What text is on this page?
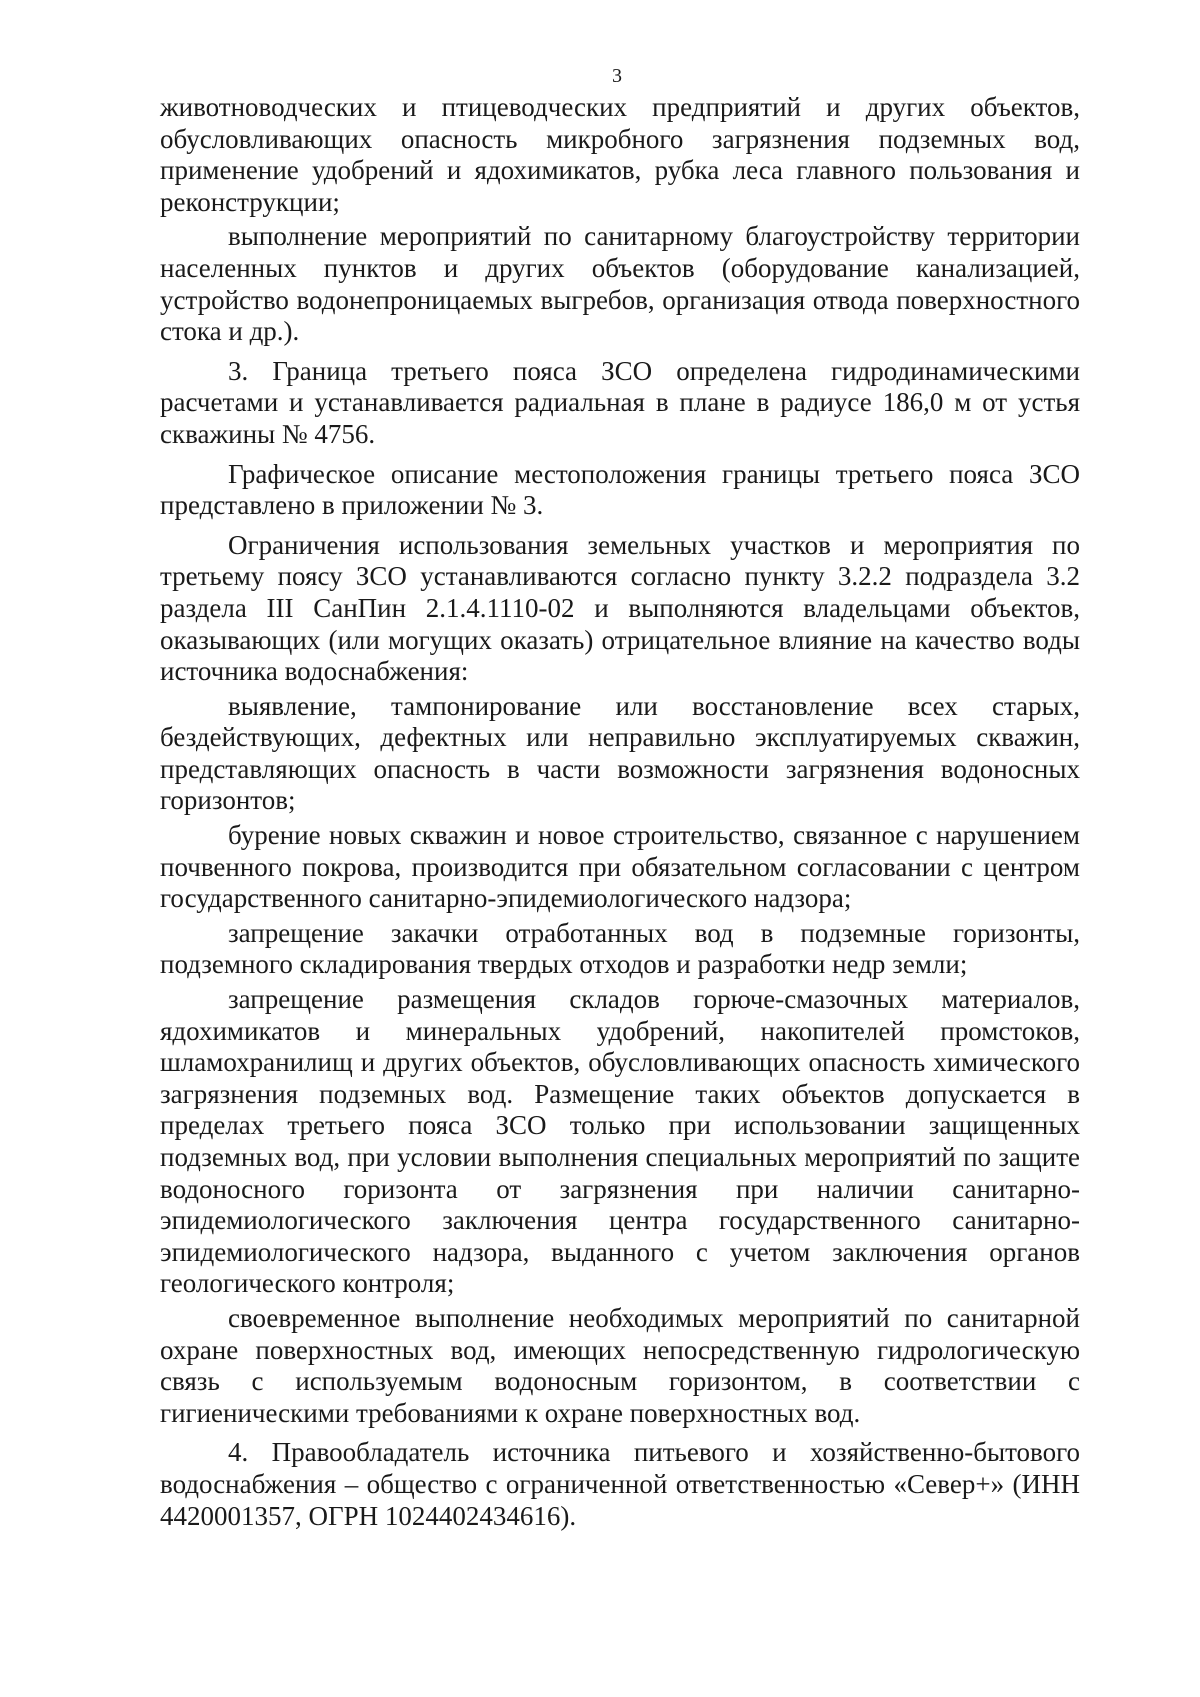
3

животноводческих и птицеводческих предприятий и других объектов, обусловливающих опасность микробного загрязнения подземных вод, применение удобрений и ядохимикатов, рубка леса главного пользования и реконструкции;

выполнение мероприятий по санитарному благоустройству территории населенных пунктов и других объектов (оборудование канализацией, устройство водонепроницаемых выгребов, организация отвода поверхностного стока и др.).

3. Граница третьего пояса ЗСО определена гидродинамическими расчетами и устанавливается радиальная в плане в радиусе 186,0 м от устья скважины № 4756.

Графическое описание местоположения границы третьего пояса ЗСО представлено в приложении № 3.

Ограничения использования земельных участков и мероприятия по третьему поясу ЗСО устанавливаются согласно пункту 3.2.2 подраздела 3.2 раздела III СанПин 2.1.4.1110-02 и выполняются владельцами объектов, оказывающих (или могущих оказать) отрицательное влияние на качество воды источника водоснабжения:

выявление, тампонирование или восстановление всех старых, бездействующих, дефектных или неправильно эксплуатируемых скважин, представляющих опасность в части возможности загрязнения водоносных горизонтов;

бурение новых скважин и новое строительство, связанное с нарушением почвенного покрова, производится при обязательном согласовании с центром государственного санитарно-эпидемиологического надзора;

запрещение закачки отработанных вод в подземные горизонты, подземного складирования твердых отходов и разработки недр земли;

запрещение размещения складов горюче-смазочных материалов, ядохимикатов и минеральных удобрений, накопителей промстоков, шламохранилищ и других объектов, обусловливающих опасность химического загрязнения подземных вод. Размещение таких объектов допускается в пределах третьего пояса ЗСО только при использовании защищенных подземных вод, при условии выполнения специальных мероприятий по защите водоносного горизонта от загрязнения при наличии санитарно-эпидемиологического заключения центра государственного санитарно-эпидемиологического надзора, выданного с учетом заключения органов геологического контроля;

своевременное выполнение необходимых мероприятий по санитарной охране поверхностных вод, имеющих непосредственную гидрологическую связь с используемым водоносным горизонтом, в соответствии с гигиеническими требованиями к охране поверхностных вод.

4. Правообладатель источника питьевого и хозяйственно-бытового водоснабжения – общество с ограниченной ответственностью «Север+» (ИНН 4420001357, ОГРН 1024402434616).
